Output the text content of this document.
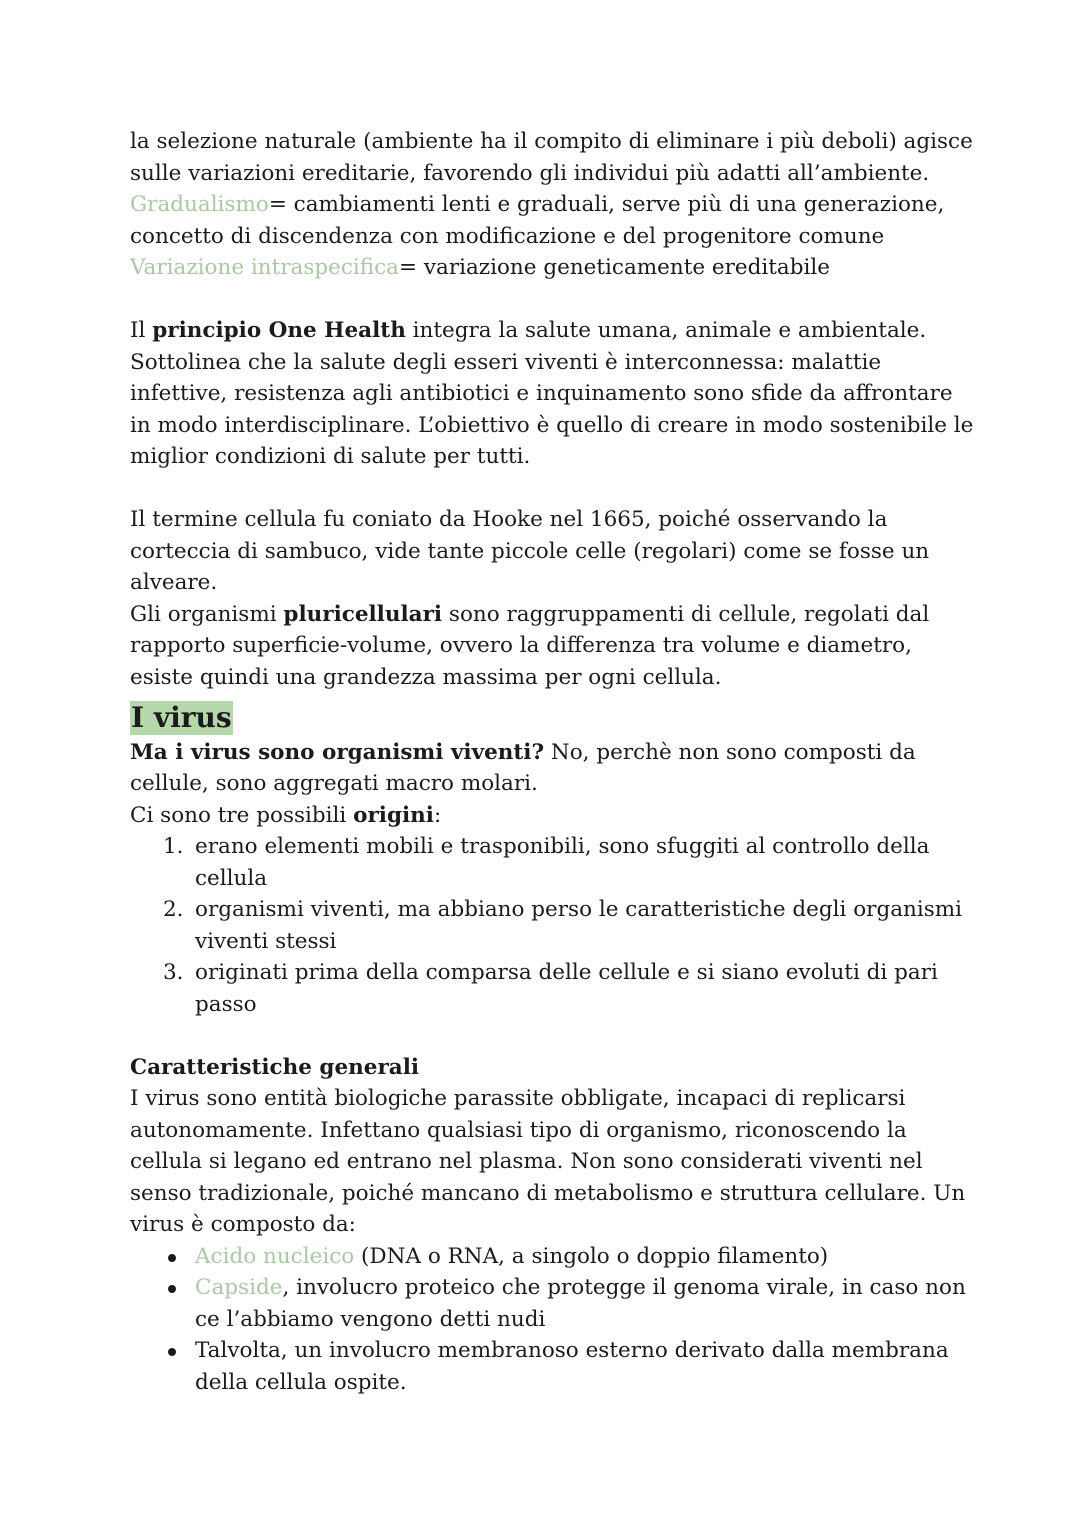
la selezione naturale (ambiente ha il compito di eliminare i più deboli) agisce sulle variazioni ereditarie, favorendo gli individui più adatti all’ambiente.
Gradualismo= cambiamenti lenti e graduali, serve più di una generazione, concetto di discendenza con modificazione e del progenitore comune
Variazione intraspecifica= variazione geneticamente ereditabile

Il principio One Health integra la salute umana, animale e ambientale. Sottolinea che la salute degli esseri viventi è interconnessa: malattie infettive, resistenza agli antibiotici e inquinamento sono sfide da affrontare in modo interdisciplinare. L’obiettivo è quello di creare in modo sostenibile le miglior condizioni di salute per tutti.

Il termine cellula fu coniato da Hooke nel 1665, poiché osservando la corteccia di sambuco, vide tante piccole celle (regolari) come se fosse un alveare.
Gli organismi pluricellulari sono raggruppamenti di cellule, regolati dal rapporto superficie-volume, ovvero la differenza tra volume e diametro, esiste quindi una grandezza massima per ogni cellula.

I virus

Ma i virus sono organismi viventi? No, perchè non sono composti da cellule, sono aggregati macro molari.

Ci sono tre possibili origini:

1. erano elementi mobili e trasponibili, sono sfuggiti al controllo della cellula
2. organismi viventi, ma abbiano perso le caratteristiche degli organismi viventi stessi
3. originati prima della comparsa delle cellule e si siano evoluti di pari passo

Caratteristiche generali

I virus sono entità biologiche parassite obbligate, incapaci di replicarsi autonomamente. Infettano qualsiasi tipo di organismo, riconoscendo la cellula si legano ed entrano nel plasma. Non sono considerati viventi nel senso tradizionale, poiché mancano di metabolismo e struttura cellulare. Un virus è composto da:

Acido nucleico (DNA o RNA, a singolo o doppio filamento)
Capside, involucro proteico che protegge il genoma virale, in caso non ce l’abbiamo vengono detti nudi
Talvolta, un involucro membranoso esterno derivato dalla membrana della cellula ospite.
